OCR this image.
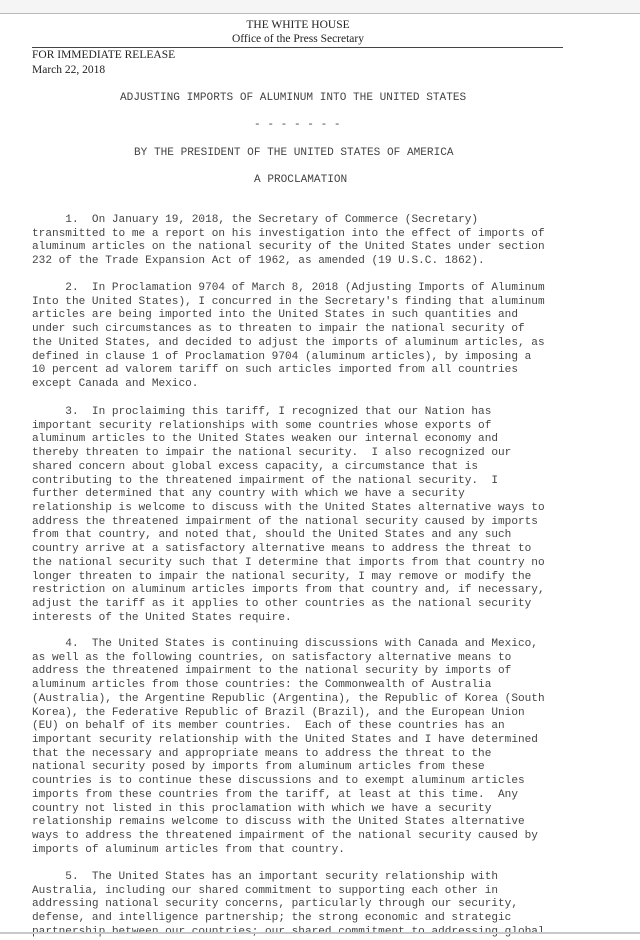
THE WHITE HOUSE
Office of the Press Secretary
FOR IMMEDIATE RELEASE
March 22, 2018
ADJUSTING IMPORTS OF ALUMINUM INTO THE UNITED STATES
- - - - - - -
BY THE PRESIDENT OF THE UNITED STATES OF AMERICA
A PROCLAMATION
1.  On January 19, 2018, the Secretary of Commerce (Secretary)
transmitted to me a report on his investigation into the effect of imports of
aluminum articles on the national security of the United States under section
232 of the Trade Expansion Act of 1962, as amended (19 U.S.C. 1862).
2.  In Proclamation 9704 of March 8, 2018 (Adjusting Imports of Aluminum
Into the United States), I concurred in the Secretary's finding that aluminum
articles are being imported into the United States in such quantities and
under such circumstances as to threaten to impair the national security of
the United States, and decided to adjust the imports of aluminum articles, as
defined in clause 1 of Proclamation 9704 (aluminum articles), by imposing a
10 percent ad valorem tariff on such articles imported from all countries
except Canada and Mexico.
3.  In proclaiming this tariff, I recognized that our Nation has
important security relationships with some countries whose exports of
aluminum articles to the United States weaken our internal economy and
thereby threaten to impair the national security.  I also recognized our
shared concern about global excess capacity, a circumstance that is
contributing to the threatened impairment of the national security.  I
further determined that any country with which we have a security
relationship is welcome to discuss with the United States alternative ways to
address the threatened impairment of the national security caused by imports
from that country, and noted that, should the United States and any such
country arrive at a satisfactory alternative means to address the threat to
the national security such that I determine that imports from that country no
longer threaten to impair the national security, I may remove or modify the
restriction on aluminum articles imports from that country and, if necessary,
adjust the tariff as it applies to other countries as the national security
interests of the United States require.
4.  The United States is continuing discussions with Canada and Mexico,
as well as the following countries, on satisfactory alternative means to
address the threatened impairment to the national security by imports of
aluminum articles from those countries: the Commonwealth of Australia
(Australia), the Argentine Republic (Argentina), the Republic of Korea (South
Korea), the Federative Republic of Brazil (Brazil), and the European Union
(EU) on behalf of its member countries.  Each of these countries has an
important security relationship with the United States and I have determined
that the necessary and appropriate means to address the threat to the
national security posed by imports from aluminum articles from these
countries is to continue these discussions and to exempt aluminum articles
imports from these countries from the tariff, at least at this time.  Any
country not listed in this proclamation with which we have a security
relationship remains welcome to discuss with the United States alternative
ways to address the threatened impairment of the national security caused by
imports of aluminum articles from that country.
5.  The United States has an important security relationship with
Australia, including our shared commitment to supporting each other in
addressing national security concerns, particularly through our security,
defense, and intelligence partnership; the strong economic and strategic
